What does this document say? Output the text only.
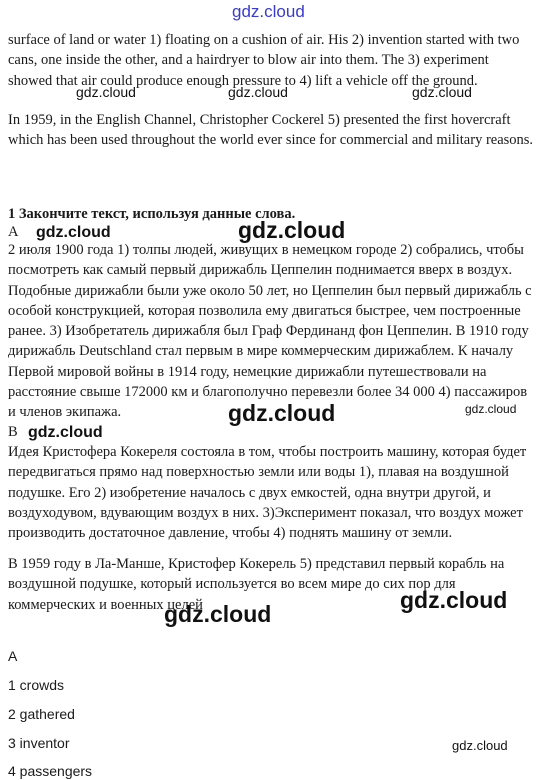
gdz.cloud

surface of land or water 1) floating on a cushion of air. His 2) invention started with two cans, one inside the other, and a hairdryer to blow air into them. The 3) experiment showed that air could produce enough pressure to 4) lift a vehicle off the ground.

gdz.cloud	gdz.cloud	gdz.cloud

In 1959, in the English Channel, Christopher Cockerel 5) presented the first hovercraft which has been used throughout the world ever since for commercial and military reasons.

1 Закончите текст, используя данные слова.

A gdz.cloud	gdz.cloud

2 июля 1900 года 1) толпы людей, живущих в немецком городе 2) собрались, чтобы посмотреть как самый первый дирижабль Цеппелин поднимается вверх в воздух. Подобные дирижабли были уже около 50 лет, но Цеппелин был первый дирижабль с особой конструкцией, которая позволила ему двигаться быстрее, чем построенные ранее. 3) Изобретатель дирижабля был Граф Фердинанд фон Цеппелин. В 1910 году дирижабль Deutschland стал первым в мире коммерческим дирижаблем. К началу Первой мировой войны в 1914 году, немецкие дирижабли путешествовали на расстояние свыше 172000 км и благополучно перевезли более 34 000 4) пассажиров и членов экипажа.	gdz.cloud	gdz.cloud
B gdz.cloud

Идея Кристофера Кокереля состояла в том, чтобы построить машину, которая будет передвигаться прямо над поверхностью земли или воды 1), плавая на воздушной подушке. Его 2) изобретение началось с двух емкостей, одна внутри другой, и воздуходувом, вдувающим воздух в них. 3)Эксперимент показал, что воздух может производить достаточное давление, чтобы 4) поднять машину от земли.

В 1959 году в Ла-Манше, Кристофер Кокерель 5) представил первый корабль на воздушной подушке, который используется во всем мире до сих пор для коммерческих и военных целей	gdz.cloud
gdz.cloud
A
1 crowds
2 gathered
3 inventor	gdz.cloud
4 passengers
